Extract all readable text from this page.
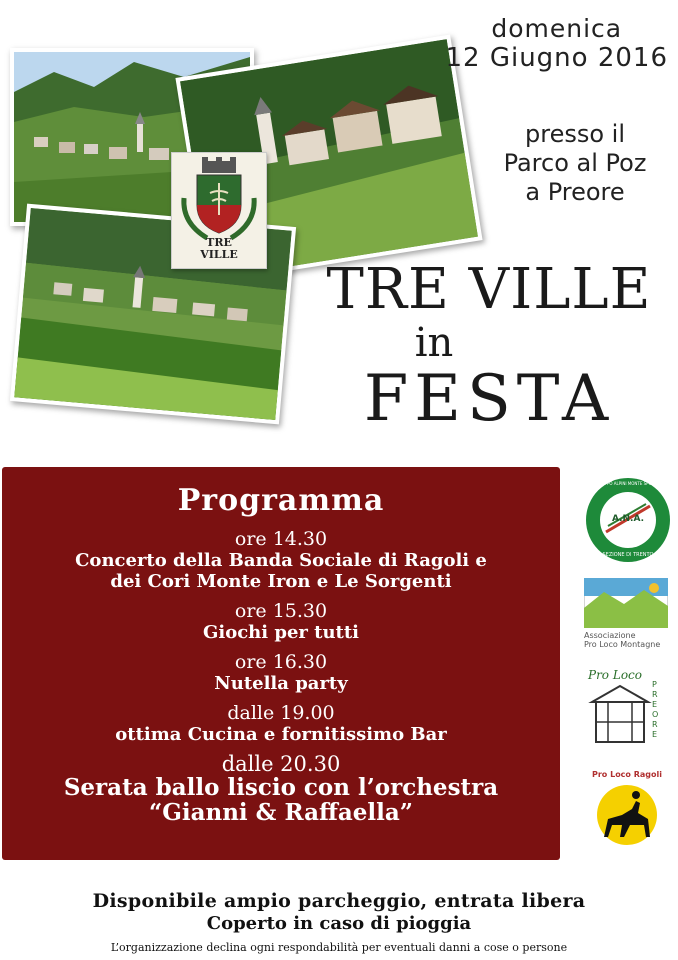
TRE
VILLE
domenica
12 Giugno 2016
presso il
Parco al Poz
a Preore
TRE VILLE
in
FESTA
Programma
ore 14.30
Concerto della Banda Sociale di Ragoli e
dei Cori Monte Iron e Le Sorgenti
ore 15.30
Giochi per tutti
ore 16.30
Nutella party
dalle 19.00
ottima Cucina e fornitissimo Bar
dalle 20.30
Serata ballo liscio con l’orchestra
“Gianni & Raffaella”
GRUPPO ALPINI MONTE SPINALE
A.N.A.
SEZIONE DI TRENTO
Associazione
Pro Loco Montagne
Pro Loco
PREORE
Pro Loco Ragoli
Disponibile ampio parcheggio, entrata libera
Coperto in caso di pioggia
L’organizzazione declina ogni respondabilità per eventuali danni a cose o persone
